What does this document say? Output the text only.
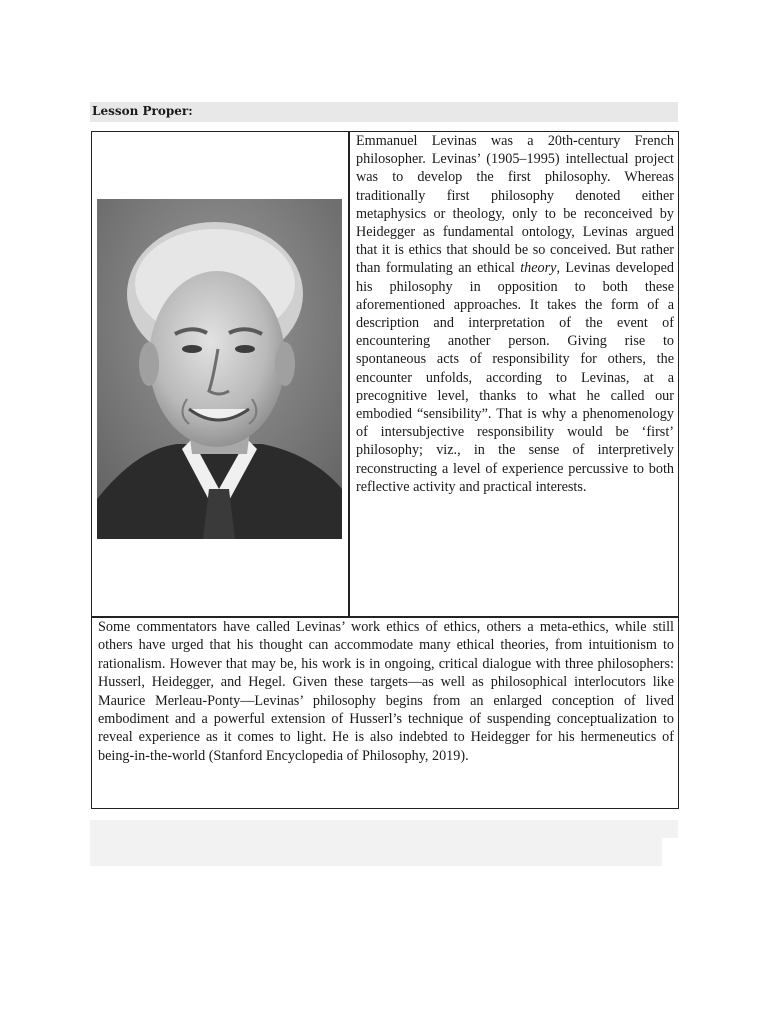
Lesson Proper:

Emmanuel Levinas was a 20th-century French philosopher. Levinas’ (1905–1995) intellectual project was to develop the first philosophy. Whereas traditionally first philosophy denoted either metaphysics or theology, only to be reconceived by Heidegger as fundamental ontology, Levinas argued that it is ethics that should be so conceived. But rather than formulating an ethical theory, Levinas developed his philosophy in opposition to both these aforementioned approaches. It takes the form of a description and interpretation of the event of encountering another person. Giving rise to spontaneous acts of responsibility for others, the encounter unfolds, according to Levinas, at a precognitive level, thanks to what he called our embodied “sensibility”. That is why a phenomenology of intersubjective responsibility would be ‘first’ philosophy; viz., in the sense of interpretively reconstructing a level of experience percussive to both reflective activity and practical interests.

Some commentators have called Levinas’ work ethics of ethics, others a meta-ethics, while still others have urged that his thought can accommodate many ethical theories, from intuitionism to rationalism. However that may be, his work is in ongoing, critical dialogue with three philosophers: Husserl, Heidegger, and Hegel. Given these targets—as well as philosophical interlocutors like Maurice Merleau-Ponty—Levinas’ philosophy begins from an enlarged conception of lived embodiment and a powerful extension of Husserl’s technique of suspending conceptualization to reveal experience as it comes to light. He is also indebted to Heidegger for his hermeneutics of being-in-the-world (Stanford Encyclopedia of Philosophy, 2019).
